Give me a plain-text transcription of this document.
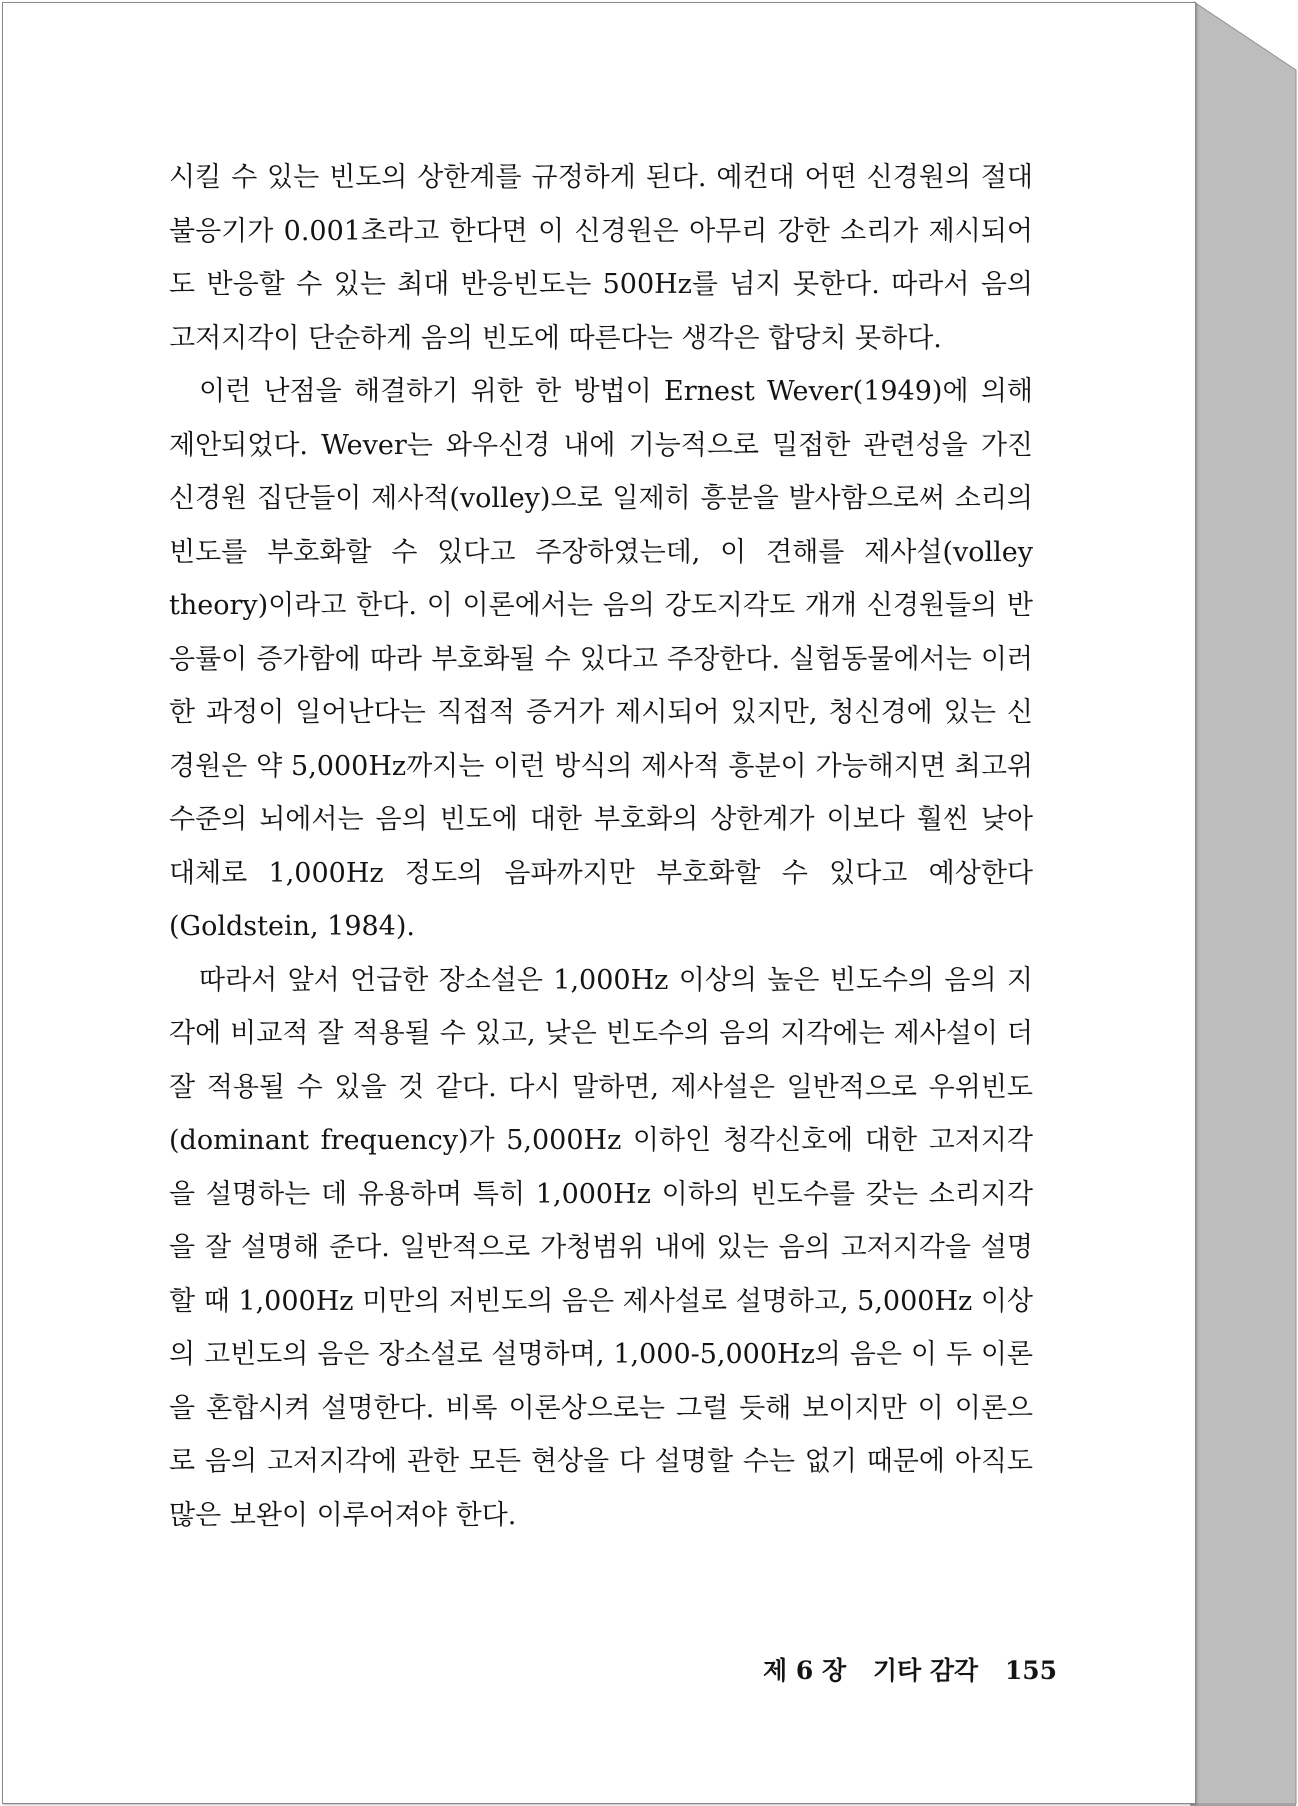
시킬 수 있는 빈도의 상한계를 규정하게 된다. 예컨대 어떤 신경원의 절대불응기가 0.001초라고 한다면 이 신경원은 아무리 강한 소리가 제시되어도 반응할 수 있는 최대 반응빈도는 500Hz를 넘지 못한다. 따라서 음의 고저지각이 단순하게 음의 빈도에 따른다는 생각은 합당치 못하다.

이런 난점을 해결하기 위한 한 방법이 Ernest Wever(1949)에 의해 제안되었다. Wever는 와우신경 내에 기능적으로 밀접한 관련성을 가진 신경원 집단들이 제사적(volley)으로 일제히 흥분을 발사함으로써 소리의 빈도를 부호화할 수 있다고 주장하였는데, 이 견해를 제사설(volley theory)이라고 한다. 이 이론에서는 음의 강도지각도 개개 신경원들의 반응률이 증가함에 따라 부호화될 수 있다고 주장한다. 실험동물에서는 이러한 과정이 일어난다는 직접적 증거가 제시되어 있지만, 청신경에 있는 신경원은 약 5,000Hz까지는 이런 방식의 제사적 흥분이 가능해지면 최고위 수준의 뇌에서는 음의 빈도에 대한 부호화의 상한계가 이보다 훨씬 낮아 대체로 1,000Hz 정도의 음파까지만 부호화할 수 있다고 예상한다(Goldstein, 1984).

따라서 앞서 언급한 장소설은 1,000Hz 이상의 높은 빈도수의 음의 지각에 비교적 잘 적용될 수 있고, 낮은 빈도수의 음의 지각에는 제사설이 더 잘 적용될 수 있을 것 같다. 다시 말하면, 제사설은 일반적으로 우위빈도(dominant frequency)가 5,000Hz 이하인 청각신호에 대한 고저지각을 설명하는 데 유용하며 특히 1,000Hz 이하의 빈도수를 갖는 소리지각을 잘 설명해 준다. 일반적으로 가청범위 내에 있는 음의 고저지각을 설명할 때 1,000Hz 미만의 저빈도의 음은 제사설로 설명하고, 5,000Hz 이상의 고빈도의 음은 장소설로 설명하며, 1,000-5,000Hz의 음은 이 두 이론을 혼합시켜 설명한다. 비록 이론상으로는 그럴 듯해 보이지만 이 이론으로 음의 고저지각에 관한 모든 현상을 다 설명할 수는 없기 때문에 아직도 많은 보완이 이루어져야 한다.

제 6 장 기타 감각 155
